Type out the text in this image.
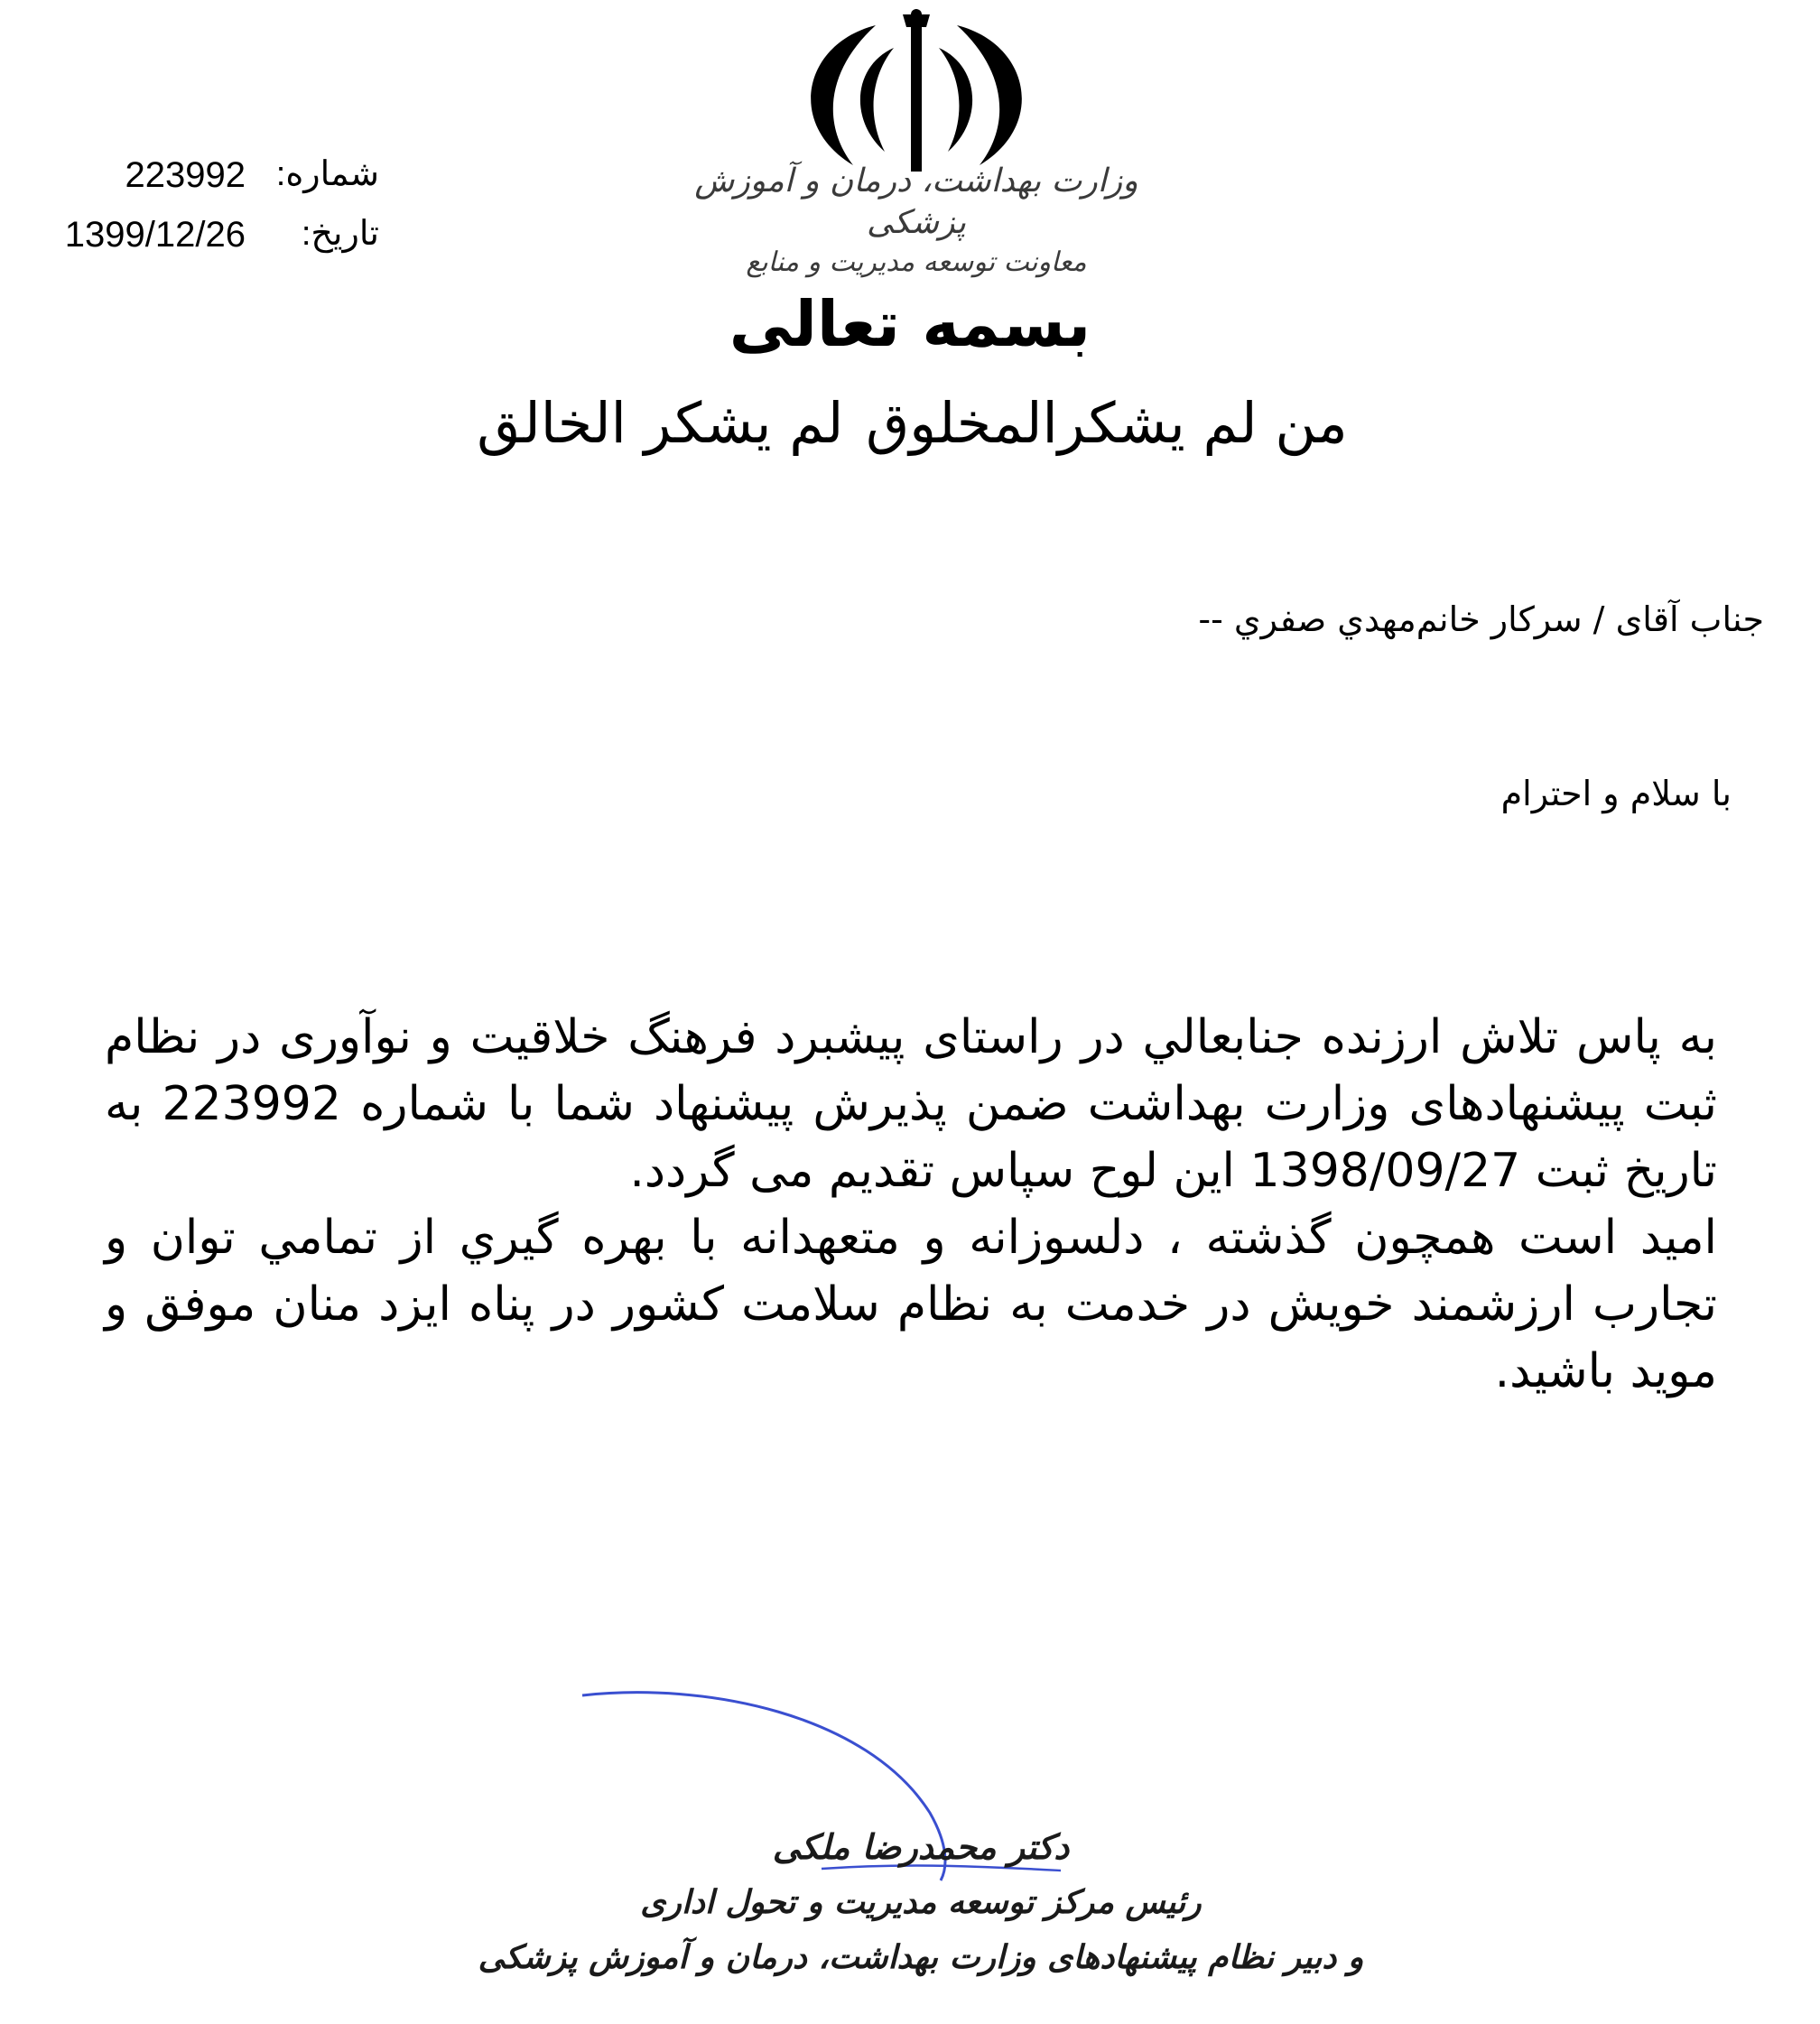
وزارت بهداشت، درمان و آموزش پزشکی
معاونت توسعه مدیریت و منابع
شماره:
223992
تاریخ:
1399/12/26
بسمه تعالی
من لم یشکرالمخلوق لم یشکر الخالق
جناب آقای / سرکار خانم‌مهدي صفري --
با سلام و احترام

به پاس تلاش ارزنده جنابعالي در راستای پیشبرد فرهنگ خلاقیت و نوآوری در نظام ثبت پیشنهادهای وزارت بهداشت ضمن پذیرش پیشنهاد شما با شماره 223992 به تاریخ ثبت 1398/09/27 این لوح سپاس تقدیم می گردد.

امید است همچون گذشته ، دلسوزانه و متعهدانه با بهره گیري از تمامي توان و تجارب ارزشمند خویش در خدمت به نظام سلامت کشور در پناه ایزد منان موفق و موید باشید.

دکتر محمدرضا ملکی
رئیس مرکز توسعه مدیریت و تحول اداری
و دبیر نظام پیشنهادهای وزارت بهداشت، درمان و آموزش پزشکی
